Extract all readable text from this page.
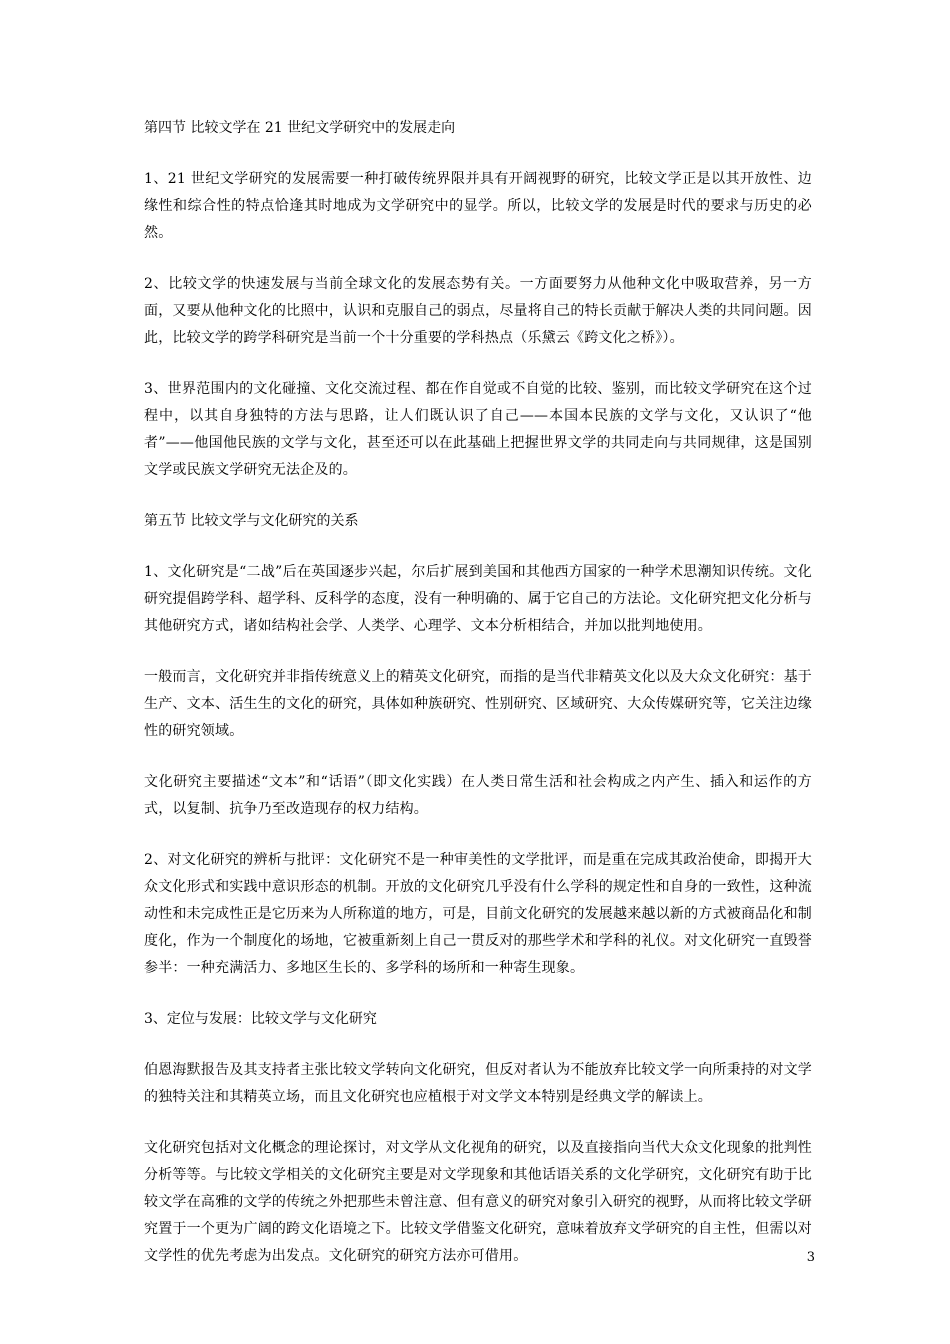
第四节 比较文学在 21 世纪文学研究中的发展走向

1、21 世纪文学研究的发展需要一种打破传统界限并具有开阔视野的研究，比较文学正是以其开放性、边缘性和综合性的特点恰逢其时地成为文学研究中的显学。所以，比较文学的发展是时代的要求与历史的必然。

2、比较文学的快速发展与当前全球文化的发展态势有关。一方面要努力从他种文化中吸取营养，另一方面，又要从他种文化的比照中，认识和克服自己的弱点，尽量将自己的特长贡献于解决人类的共同问题。因此，比较文学的跨学科研究是当前一个十分重要的学科热点（乐黛云《跨文化之桥》）。

3、世界范围内的文化碰撞、文化交流过程、都在作自觉或不自觉的比较、鉴别，而比较文学研究在这个过程中，以其自身独特的方法与思路，让人们既认识了自己——本国本民族的文学与文化，又认识了“他者”——他国他民族的文学与文化，甚至还可以在此基础上把握世界文学的共同走向与共同规律，这是国别文学或民族文学研究无法企及的。

第五节 比较文学与文化研究的关系

1、文化研究是“二战”后在英国逐步兴起，尔后扩展到美国和其他西方国家的一种学术思潮知识传统。文化研究提倡跨学科、超学科、反科学的态度，没有一种明确的、属于它自己的方法论。文化研究把文化分析与其他研究方式，诸如结构社会学、人类学、心理学、文本分析相结合，并加以批判地使用。

一般而言，文化研究并非指传统意义上的精英文化研究，而指的是当代非精英文化以及大众文化研究：基于生产、文本、活生生的文化的研究，具体如种族研究、性别研究、区域研究、大众传媒研究等，它关注边缘性的研究领域。

文化研究主要描述“文本”和“话语”（即文化实践）在人类日常生活和社会构成之内产生、插入和运作的方式，以复制、抗争乃至改造现存的权力结构。

2、对文化研究的辨析与批评：文化研究不是一种审美性的文学批评，而是重在完成其政治使命，即揭开大众文化形式和实践中意识形态的机制。开放的文化研究几乎没有什么学科的规定性和自身的一致性，这种流动性和未完成性正是它历来为人所称道的地方，可是，目前文化研究的发展越来越以新的方式被商品化和制度化，作为一个制度化的场地，它被重新刻上自己一贯反对的那些学术和学科的礼仪。对文化研究一直毁誉参半：一种充满活力、多地区生长的、多学科的场所和一种寄生现象。

3、定位与发展：比较文学与文化研究

伯恩海默报告及其支持者主张比较文学转向文化研究，但反对者认为不能放弃比较文学一向所秉持的对文学的独特关注和其精英立场，而且文化研究也应植根于对文学文本特别是经典文学的解读上。

文化研究包括对文化概念的理论探讨，对文学从文化视角的研究，以及直接指向当代大众文化现象的批判性分析等等。与比较文学相关的文化研究主要是对文学现象和其他话语关系的文化学研究，文化研究有助于比较文学在高雅的文学的传统之外把那些未曾注意、但有意义的研究对象引入研究的视野，从而将比较文学研究置于一个更为广阔的跨文化语境之下。比较文学借鉴文化研究，意味着放弃文学研究的自主性，但需以对文学性的优先考虑为出发点。文化研究的研究方法亦可借用。	3
